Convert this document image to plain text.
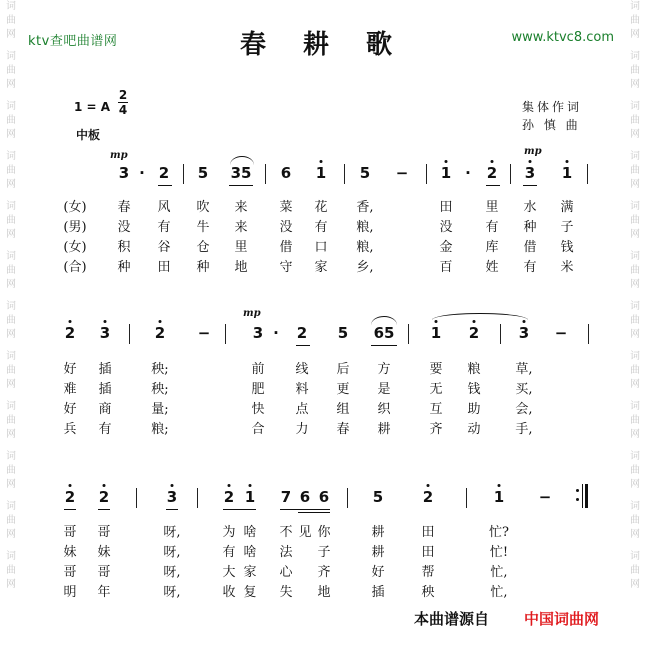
词
曲
网
词
曲
网
词
曲
网
词
曲
网
词
曲
网
词
曲
网
词
曲
网
词
曲
网
词
曲
网
词
曲
网
词
曲
网
词
曲
网
词
曲
网
词
曲
网
词
曲
网
词
曲
网
词
曲
网
词
曲
网
词
曲
网
词
曲
网
词
曲
网
词
曲
网
词
曲
网
词
曲
网
ktv查吧曲谱网	www.ktvc8.com
春 耕 歌
1 = A
2
4
中板
集体作词
孙 慎 曲
mp	mp
mp
3 · 2 5 35 6 1 5 − 1 · 2 3 1
(女) 春 风 吹 来 菜 花 香,	田	里 水 满
(男) 没 有 牛 来 没 有 粮,	没	有 种 子
(女) 积 谷 仓 里 借 口 粮,	金	库 借 钱
(合) 种 田 种 地 守 家 乡,	百	姓 有 米
2 3	2 −	3 · 2 5 65 1 2	3 −
好 插	秧;	前 线 后 方	要 粮	草,
难 插	秧;	肥 料 更 是	无 钱	买,
好 商	量;	快 点 组 织	互 助	会,
兵 有	粮;	合 力 春 耕	齐 动	手,
2 2	3	2 1 7 6 6	5	2	1 −
哥 哥	呀,	为 啥 不 见 你	耕	田	忙?
妹 妹	呀,	有 啥 法 子	耕	田	忙!
哥 哥	呀,	大 家 心 齐	好	帮	忙,
明 年	呀,	收 复 失 地	插	秧	忙,
本曲谱源自 中国词曲网
